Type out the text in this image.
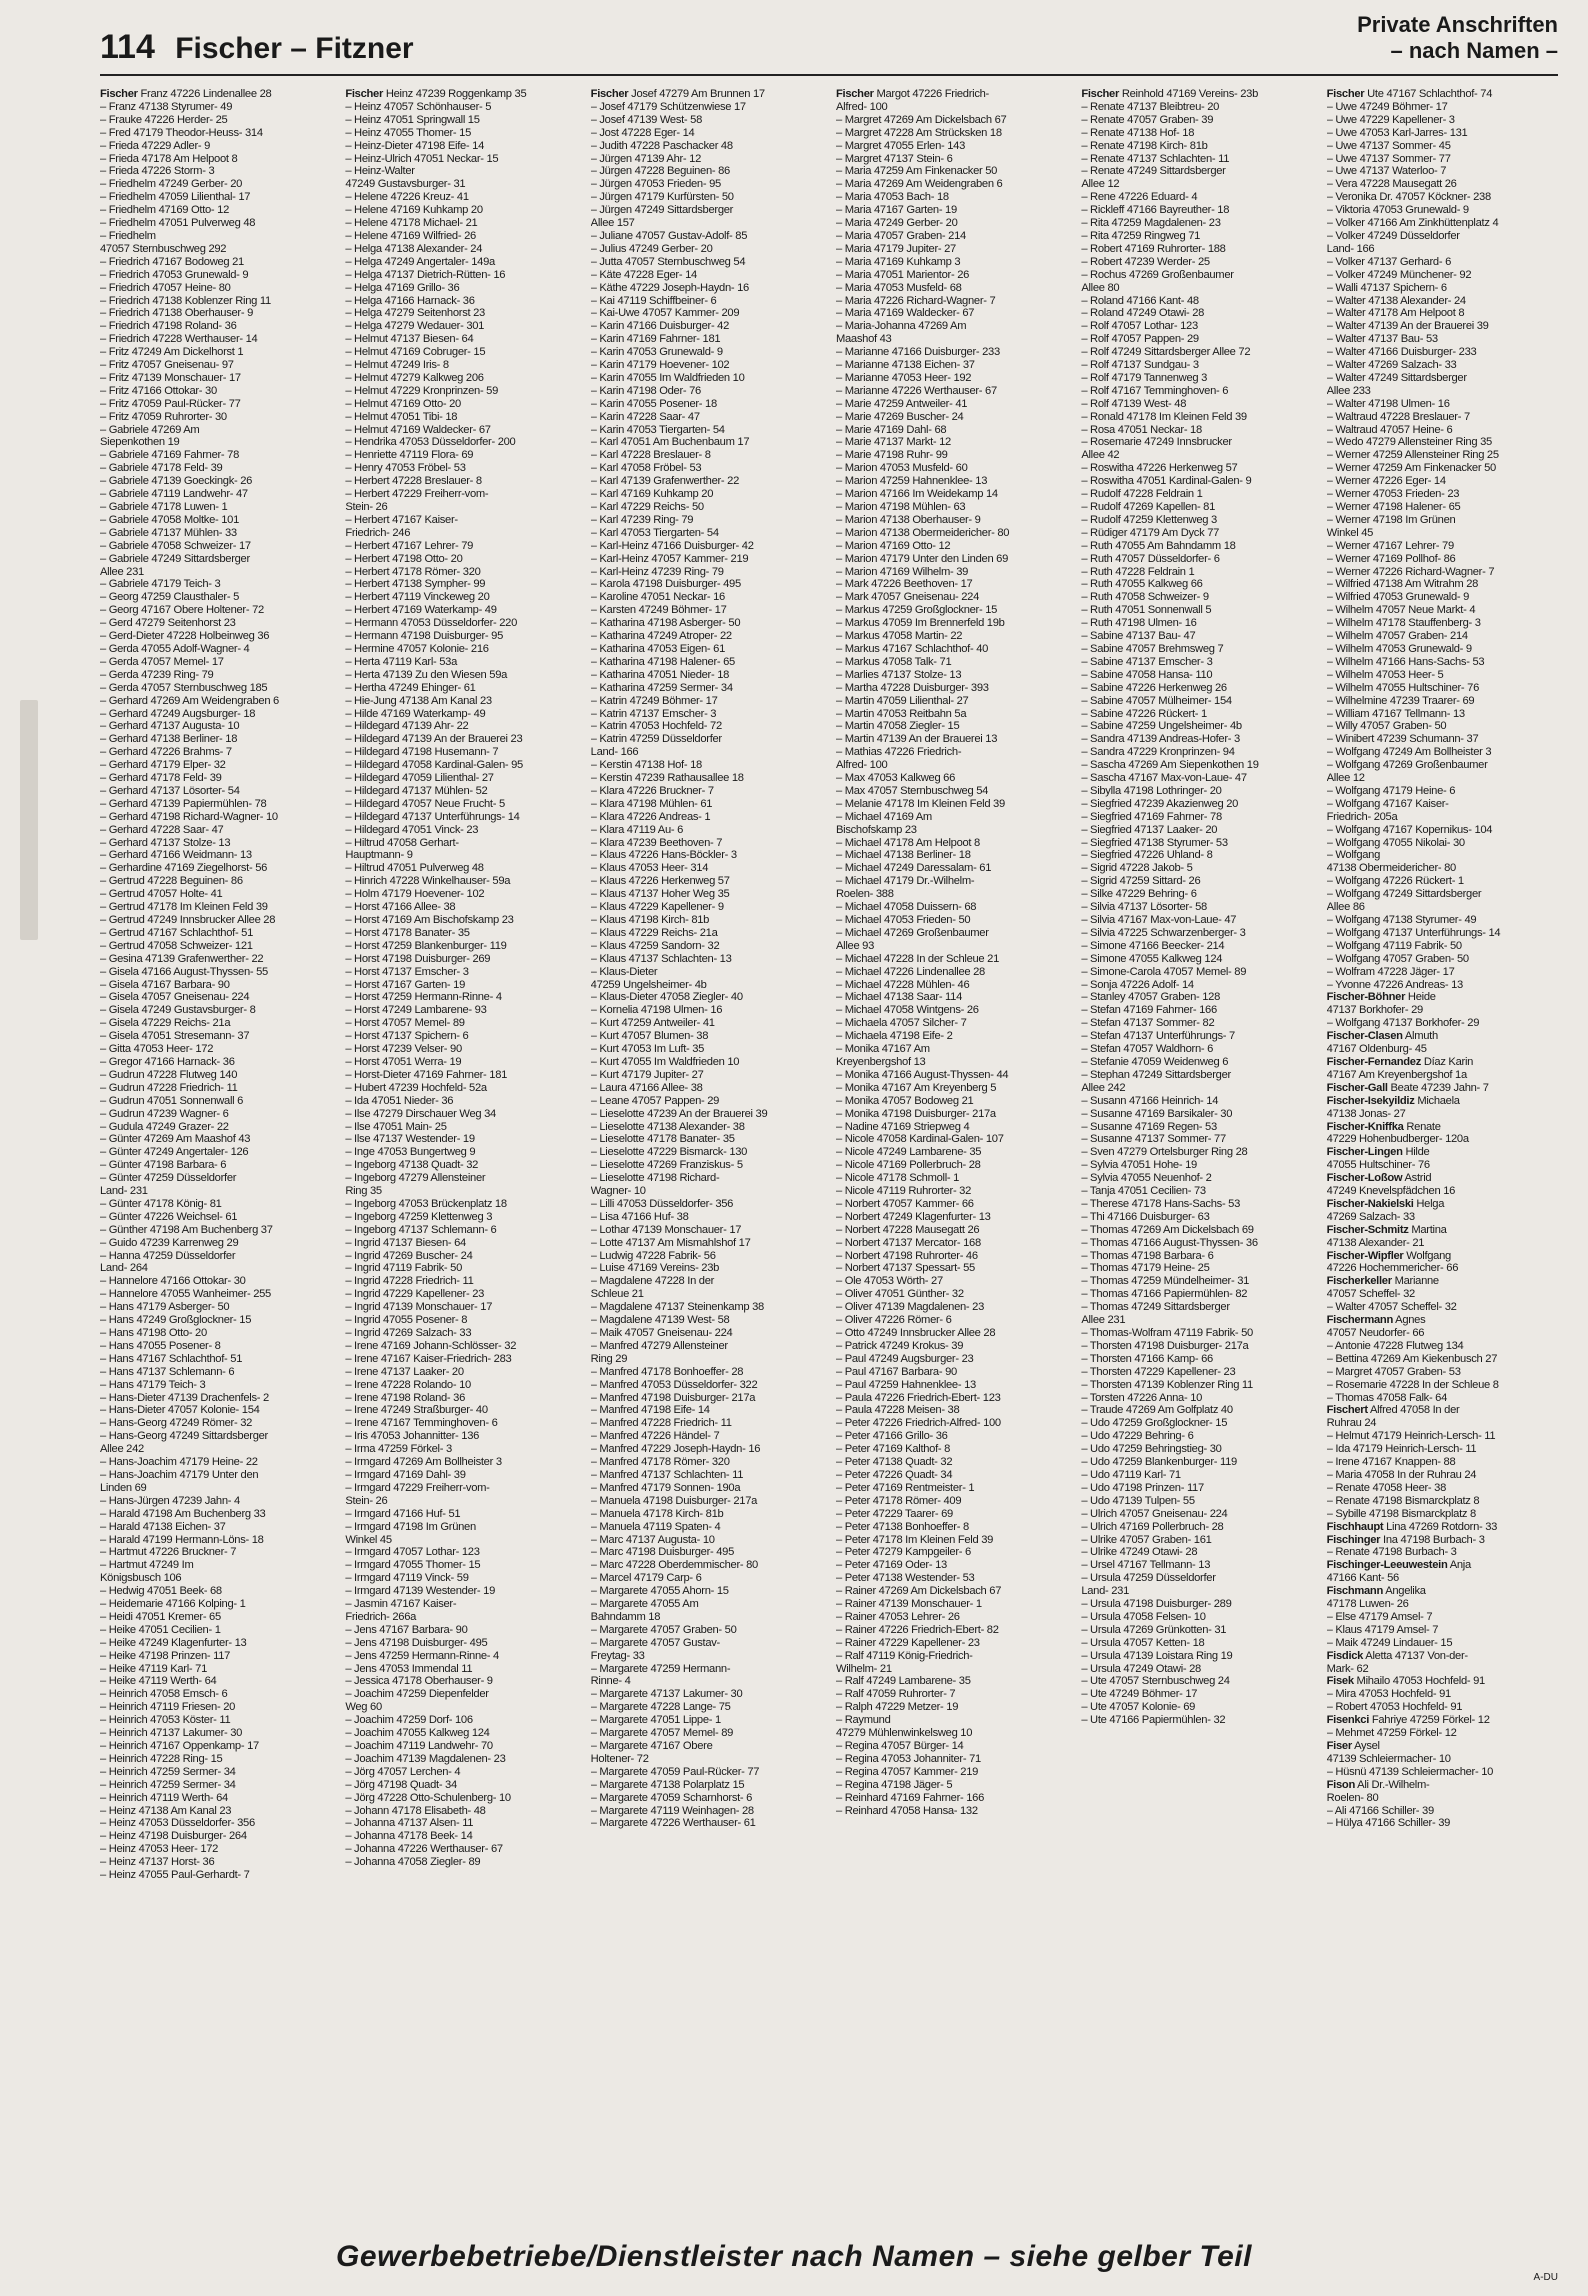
114 Fischer – Fitzner
Private Anschriften
– nach Namen –
Fischer Franz 47226 Lindenallee 28
– Franz 47138 Styrumer- 49
– Frauke 47226 Herder- 25
– Fred 47179 Theodor-Heuss- 314
– Frieda 47229 Adler- 9
– Frieda 47178 Am Helpoot 8
– Frieda 47226 Storm- 3
– Friedhelm 47249 Gerber- 20
– Friedhelm 47059 Lilienthal- 17
– Friedhelm 47169 Otto- 12
– Friedhelm 47051 Pulverweg 48
– Friedhelm
47057 Sternbuschweg 292
– Friedrich 47167 Bodoweg 21
– Friedrich 47053 Grunewald- 9
– Friedrich 47057 Heine- 80
– Friedrich 47138 Koblenzer Ring 11
– Friedrich 47138 Oberhauser- 9
– Friedrich 47198 Roland- 36
– Friedrich 47228 Werthauser- 14
– Fritz 47249 Am Dickelhorst 1
– Fritz 47057 Gneisenau- 97
– Fritz 47139 Monschauer- 17
– Fritz 47166 Ottokar- 30
– Fritz 47059 Paul-Rücker- 77
– Fritz 47059 Ruhrorter- 30
– Gabriele 47269 Am
Siepenkothen 19
– Gabriele 47169 Fahrner- 78
– Gabriele 47178 Feld- 39
– Gabriele 47139 Goeckingk- 26
– Gabriele 47119 Landwehr- 47
– Gabriele 47178 Luwen- 1
– Gabriele 47058 Moltke- 101
– Gabriele 47137 Mühlen- 33
– Gabriele 47058 Schweizer- 17
– Gabriele 47249 Sittardsberger
Allee 231
– Gabriele 47179 Teich- 3
– Georg 47259 Clausthaler- 5
– Georg 47167 Obere Holtener- 72
– Gerd 47279 Seitenhorst 23
– Gerd-Dieter 47228 Holbeinweg 36
– Gerda 47055 Adolf-Wagner- 4
– Gerda 47057 Memel- 17
– Gerda 47239 Ring- 79
– Gerda 47057 Sternbuschweg 185
– Gerhard 47269 Am Weidengraben 6
– Gerhard 47249 Augsburger- 18
– Gerhard 47137 Augusta- 10
– Gerhard 47138 Berliner- 18
– Gerhard 47226 Brahms- 7
– Gerhard 47179 Elper- 32
– Gerhard 47178 Feld- 39
– Gerhard 47137 Lösorter- 54
– Gerhard 47139 Papiermühlen- 78
– Gerhard 47198 Richard-Wagner- 10
– Gerhard 47228 Saar- 47
– Gerhard 47137 Stolze- 13
– Gerhard 47166 Weidmann- 13
– Gerhardine 47169 Ziegelhorst- 56
– Gertrud 47228 Beguinen- 86
– Gertrud 47057 Holte- 41
– Gertrud 47178 Im Kleinen Feld 39
– Gertrud 47249 Innsbrucker Allee 28
– Gertrud 47167 Schlachthof- 51
– Gertrud 47058 Schweizer- 121
– Gesina 47139 Grafenwerther- 22
– Gisela 47166 August-Thyssen- 55
– Gisela 47167 Barbara- 90
– Gisela 47057 Gneisenau- 224
– Gisela 47249 Gustavsburger- 8
– Gisela 47229 Reichs- 21a
– Gisela 47051 Stresemann- 37
– Gitta 47053 Heer- 172
– Gregor 47166 Harnack- 36
– Gudrun 47228 Flutweg 140
– Gudrun 47228 Friedrich- 11
– Gudrun 47051 Sonnenwall 6
– Gudrun 47239 Wagner- 6
– Gudula 47249 Grazer- 22
– Günter 47269 Am Maashof 43
– Günter 47249 Angertaler- 126
– Günter 47198 Barbara- 6
– Günter 47259 Düsseldorfer
Land- 231
– Günter 47178 König- 81
– Günter 47226 Weichsel- 61
– Günther 47198 Am Buchenberg 37
– Guido 47239 Karrenweg 29
– Hanna 47259 Düsseldorfer
Land- 264
– Hannelore 47166 Ottokar- 30
– Hannelore 47055 Wanheimer- 255
– Hans 47179 Asberger- 50
– Hans 47249 Großglockner- 15
– Hans 47198 Otto- 20
– Hans 47055 Posener- 8
– Hans 47167 Schlachthof- 51
– Hans 47137 Schlemann- 6
– Hans 47179 Teich- 3
– Hans-Dieter 47139 Drachenfels- 2
– Hans-Dieter 47057 Kolonie- 154
– Hans-Georg 47249 Römer- 32
– Hans-Georg 47249 Sittardsberger
Allee 242
– Hans-Joachim 47179 Heine- 22
– Hans-Joachim 47179 Unter den
Linden 69
– Hans-Jürgen 47239 Jahn- 4
– Harald 47198 Am Buchenberg 33
– Harald 47138 Eichen- 37
– Harald 47199 Hermann-Löns- 18
– Hartmut 47226 Bruckner- 7
– Hartmut 47249 Im
Königsbusch 106
– Hedwig 47051 Beek- 68
– Heidemarie 47166 Kolping- 1
– Heidi 47051 Kremer- 65
– Heike 47051 Cecilien- 1
– Heike 47249 Klagenfurter- 13
– Heike 47198 Prinzen- 117
– Heike 47119 Karl- 71
– Heike 47119 Werth- 64
– Heinrich 47058 Emsch- 6
– Heinrich 47119 Friesen- 20
– Heinrich 47053 Köster- 11
– Heinrich 47137 Lakumer- 30
– Heinrich 47167 Oppenkamp- 17
– Heinrich 47228 Ring- 15
– Heinrich 47259 Sermer- 34
– Heinrich 47259 Sermer- 34
– Heinrich 47119 Werth- 64
– Heinz 47138 Am Kanal 23
– Heinz 47053 Düsseldorfer- 356
– Heinz 47198 Duisburger- 264
– Heinz 47053 Heer- 172
– Heinz 47137 Horst- 36
– Heinz 47055 Paul-Gerhardt- 7
Fischer Heinz 47239 Roggenkamp 35
– Heinz 47057 Schönhauser- 5
– Heinz 47051 Springwall 15
– Heinz 47055 Thomer- 15
– Heinz-Dieter 47198 Eife- 14
– Heinz-Ulrich 47051 Neckar- 15
– Heinz-Walter
47249 Gustavsburger- 31
– Helene 47226 Kreuz- 41
– Helene 47169 Kuhkamp 20
– Helene 47178 Michael- 21
– Helene 47169 Wilfried- 26
– Helga 47138 Alexander- 24
– Helga 47249 Angertaler- 149a
– Helga 47137 Dietrich-Rütten- 16
– Helga 47169 Grillo- 36
– Helga 47166 Harnack- 36
– Helga 47279 Seitenhorst 23
– Helga 47279 Wedauer- 301
– Helmut 47137 Biesen- 64
– Helmut 47169 Cobruger- 15
– Helmut 47249 Iris- 8
– Helmut 47279 Kalkweg 206
– Helmut 47229 Kronprinzen- 59
– Helmut 47169 Otto- 20
– Helmut 47051 Tibi- 18
– Helmut 47169 Waldecker- 67
– Hendrika 47053 Düsseldorfer- 200
– Henriette 47119 Flora- 69
– Henry 47053 Fröbel- 53
– Herbert 47228 Breslauer- 8
– Herbert 47229 Freiherr-vom-
Stein- 26
– Herbert 47167 Kaiser-
Friedrich- 246
– Herbert 47167 Lehrer- 79
– Herbert 47198 Otto- 20
– Herbert 47178 Römer- 320
– Herbert 47138 Sympher- 99
– Herbert 47119 Vinckeweg 20
– Herbert 47169 Waterkamp- 49
– Hermann 47053 Düsseldorfer- 220
– Hermann 47198 Duisburger- 95
– Hermine 47057 Kolonie- 216
– Herta 47119 Karl- 53a
– Herta 47139 Zu den Wiesen 59a
– Hertha 47249 Ehinger- 61
– Hie-Jung 47138 Am Kanal 23
– Hilde 47169 Waterkamp- 49
– Hildegard 47139 Ahr- 22
– Hildegard 47139 An der Brauerei 23
– Hildegard 47198 Husemann- 7
– Hildegard 47058 Kardinal-Galen- 95
– Hildegard 47059 Lilienthal- 27
– Hildegard 47137 Mühlen- 52
– Hildegard 47057 Neue Frucht- 5
– Hildegard 47137 Unterführungs- 14
– Hildegard 47051 Vinck- 23
– Hiltrud 47058 Gerhart-
Hauptmann- 9
– Hiltrud 47051 Pulverweg 48
– Hinrich 47228 Winkelhauser- 59a
– Holm 47179 Hoevener- 102
– Horst 47166 Allee- 38
– Horst 47169 Am Bischofskamp 23
– Horst 47178 Banater- 35
– Horst 47259 Blankenburger- 119
– Horst 47198 Duisburger- 269
– Horst 47137 Emscher- 3
– Horst 47167 Garten- 19
– Horst 47259 Hermann-Rinne- 4
– Horst 47249 Lambarene- 93
– Horst 47057 Memel- 89
– Horst 47137 Spichern- 6
– Horst 47239 Velser- 90
– Horst 47051 Werra- 19
– Horst-Dieter 47169 Fahrner- 181
– Hubert 47239 Hochfeld- 52a
– Ida 47051 Nieder- 36
– Ilse 47279 Dirschauer Weg 34
– Ilse 47051 Main- 25
– Ilse 47137 Westender- 19
– Inge 47053 Bungertweg 9
– Ingeborg 47138 Quadt- 32
– Ingeborg 47279 Allensteiner
Ring 35
– Ingeborg 47053 Brückenplatz 18
– Ingeborg 47259 Klettenweg 3
– Ingeborg 47137 Schlemann- 6
– Ingrid 47137 Biesen- 64
– Ingrid 47269 Buscher- 24
– Ingrid 47119 Fabrik- 50
– Ingrid 47228 Friedrich- 11
– Ingrid 47229 Kapellener- 23
– Ingrid 47139 Monschauer- 17
– Ingrid 47055 Posener- 8
– Ingrid 47269 Salzach- 33
– Irene 47169 Johann-Schlösser- 32
– Irene 47167 Kaiser-Friedrich- 283
– Irene 47137 Laaker- 20
– Irene 47228 Rolando- 10
– Irene 47198 Roland- 36
– Irene 47249 Straßburger- 40
– Irene 47167 Temminghoven- 6
– Iris 47053 Johannitter- 136
– Irma 47259 Förkel- 3
– Irmgard 47269 Am Bollheister 3
– Irmgard 47169 Dahl- 39
– Irmgard 47229 Freiherr-vom-
Stein- 26
– Irmgard 47166 Huf- 51
– Irmgard 47198 Im Grünen
Winkel 45
– Irmgard 47057 Lothar- 123
– Irmgard 47055 Thomer- 15
– Irmgard 47119 Vinck- 59
– Irmgard 47139 Westender- 19
– Jasmin 47167 Kaiser-
Friedrich- 266a
– Jens 47167 Barbara- 90
– Jens 47198 Duisburger- 495
– Jens 47259 Hermann-Rinne- 4
– Jens 47053 Immendal 11
– Jessica 47178 Oberhauser- 9
– Joachim 47259 Diepenfelder
Weg 60
– Joachim 47259 Dorf- 106
– Joachim 47055 Kalkweg 124
– Joachim 47119 Landwehr- 70
– Joachim 47139 Magdalenen- 23
– Jörg 47057 Lerchen- 4
– Jörg 47198 Quadt- 34
– Jörg 47228 Otto-Schulenberg- 10
– Johann 47178 Elisabeth- 48
– Johanna 47137 Alsen- 11
– Johanna 47178 Beek- 14
– Johanna 47226 Werthauser- 67
– Johanna 47058 Ziegler- 89
Fischer Josef 47279 Am Brunnen 17
– Josef 47179 Schützenwiese 17
– Josef 47139 West- 58
– Jost 47228 Eger- 14
– Judith 47228 Paschacker 48
– Jürgen 47139 Ahr- 12
– Jürgen 47228 Beguinen- 86
– Jürgen 47053 Frieden- 95
– Jürgen 47179 Kurfürsten- 50
– Jürgen 47249 Sittardsberger
Allee 157
– Juliane 47057 Gustav-Adolf- 85
– Julius 47249 Gerber- 20
– Jutta 47057 Sternbuschweg 54
– Käte 47228 Eger- 14
– Käthe 47229 Joseph-Haydn- 16
– Kai 47119 Schiffbeiner- 6
– Kai-Uwe 47057 Kammer- 209
– Karin 47166 Duisburger- 42
– Karin 47169 Fahrner- 181
– Karin 47053 Grunewald- 9
– Karin 47179 Hoevener- 102
– Karin 47055 Im Waldfrieden 10
– Karin 47198 Oder- 76
– Karin 47055 Posener- 18
– Karin 47228 Saar- 47
– Karin 47053 Tiergarten- 54
– Karl 47051 Am Buchenbaum 17
– Karl 47228 Breslauer- 8
– Karl 47058 Fröbel- 53
– Karl 47139 Grafenwerther- 22
– Karl 47169 Kuhkamp 20
– Karl 47229 Reichs- 50
– Karl 47239 Ring- 79
– Karl 47053 Tiergarten- 54
– Karl-Heinz 47166 Duisburger- 42
– Karl-Heinz 47057 Kammer- 219
– Karl-Heinz 47239 Ring- 79
– Karola 47198 Duisburger- 495
– Karoline 47051 Neckar- 16
– Karsten 47249 Böhmer- 17
– Katharina 47198 Asberger- 50
– Katharina 47249 Atroper- 22
– Katharina 47053 Eigen- 61
– Katharina 47198 Halener- 65
– Katharina 47051 Nieder- 18
– Katharina 47259 Sermer- 34
– Katrin 47249 Böhmer- 17
– Katrin 47137 Emscher- 3
– Katrin 47053 Hochfeld- 72
– Katrin 47259 Düsseldorfer
Land- 166
– Kerstin 47138 Hof- 18
– Kerstin 47239 Rathausallee 18
– Klara 47226 Bruckner- 7
– Klara 47198 Mühlen- 61
– Klara 47226 Andreas- 1
– Klara 47119 Au- 6
– Klara 47239 Beethoven- 7
– Klaus 47226 Hans-Böckler- 3
– Klaus 47053 Heer- 314
– Klaus 47226 Herkenweg 57
– Klaus 47137 Hoher Weg 35
– Klaus 47229 Kapellener- 9
– Klaus 47198 Kirch- 81b
– Klaus 47229 Reichs- 21a
– Klaus 47259 Sandorn- 32
– Klaus 47137 Schlachten- 13
– Klaus-Dieter
47259 Ungelsheimer- 4b
– Klaus-Dieter 47058 Ziegler- 40
– Kornelia 47198 Ulmen- 16
– Kurt 47259 Antweiler- 41
– Kurt 47057 Blumen- 38
– Kurt 47053 Im Luft- 35
– Kurt 47055 Im Waldfrieden 10
– Kurt 47179 Jupiter- 27
– Laura 47166 Allee- 38
– Leane 47057 Pappen- 29
– Lieselotte 47239 An der Brauerei 39
– Lieselotte 47138 Alexander- 38
– Lieselotte 47178 Banater- 35
– Lieselotte 47229 Bismarck- 130
– Lieselotte 47269 Franziskus- 5
– Lieselotte 47198 Richard-
Wagner- 10
– Lilli 47053 Düsseldorfer- 356
– Lisa 47166 Huf- 38
– Lothar 47139 Monschauer- 17
– Lotte 47137 Am Mismahlshof 17
– Ludwig 47228 Fabrik- 56
– Luise 47169 Vereins- 23b
– Magdalene 47228 In der
Schleue 21
– Magdalene 47137 Steinenkamp 38
– Magdalene 47139 West- 58
– Maik 47057 Gneisenau- 224
– Manfred 47279 Allensteiner
Ring 29
– Manfred 47178 Bonhoeffer- 28
– Manfred 47053 Düsseldorfer- 322
– Manfred 47198 Duisburger- 217a
– Manfred 47198 Eife- 14
– Manfred 47228 Friedrich- 11
– Manfred 47226 Händel- 7
– Manfred 47229 Joseph-Haydn- 16
– Manfred 47178 Römer- 320
– Manfred 47137 Schlachten- 11
– Manfred 47179 Sonnen- 190a
– Manuela 47198 Duisburger- 217a
– Manuela 47178 Kirch- 81b
– Manuela 47119 Spaten- 4
– Marc 47137 Augusta- 10
– Marc 47198 Duisburger- 495
– Marc 47228 Oberdemmischer- 80
– Marcel 47179 Carp- 6
– Margarete 47055 Ahorn- 15
– Margarete 47055 Am
Bahndamm 18
– Margarete 47057 Graben- 50
– Margarete 47057 Gustav-
Freytag- 33
– Margarete 47259 Hermann-
Rinne- 4
– Margarete 47137 Lakumer- 30
– Margarete 47228 Lange- 75
– Margarete 47051 Lippe- 1
– Margarete 47057 Memel- 89
– Margarete 47167 Obere
Holtener- 72
– Margarete 47059 Paul-Rücker- 77
– Margarete 47138 Polarplatz 15
– Margarete 47059 Scharnhorst- 6
– Margarete 47119 Weinhagen- 28
– Margarete 47226 Werthauser- 61
Fischer Margot 47226 Friedrich-
Alfred- 100
– Margret 47269 Am Dickelsbach 67
– Margret 47228 Am Strücksken 18
– Margret 47055 Erlen- 143
– Margret 47137 Stein- 6
– Maria 47259 Am Finkenacker 50
– Maria 47269 Am Weidengraben 6
– Maria 47053 Bach- 18
– Maria 47167 Garten- 19
– Maria 47249 Gerber- 20
– Maria 47057 Graben- 214
– Maria 47179 Jupiter- 27
– Maria 47169 Kuhkamp 3
– Maria 47051 Marientor- 26
– Maria 47053 Musfeld- 68
– Maria 47226 Richard-Wagner- 7
– Maria 47169 Waldecker- 67
– Maria-Johanna 47269 Am
Maashof 43
– Marianne 47166 Duisburger- 233
– Marianne 47138 Eichen- 37
– Marianne 47053 Heer- 192
– Marianne 47226 Werthauser- 67
– Marie 47259 Antweiler- 41
– Marie 47269 Buscher- 24
– Marie 47169 Dahl- 68
– Marie 47137 Markt- 12
– Marie 47198 Ruhr- 99
– Marion 47053 Musfeld- 60
– Marion 47259 Hahnenklee- 13
– Marion 47166 Im Weidekamp 14
– Marion 47198 Mühlen- 63
– Marion 47138 Oberhauser- 9
– Marion 47138 Obermeidericher- 80
– Marion 47169 Otto- 12
– Marion 47179 Unter den Linden 69
– Marion 47169 Wilhelm- 39
– Mark 47226 Beethoven- 17
– Mark 47057 Gneisenau- 224
– Markus 47259 Großglockner- 15
– Markus 47059 Im Brennerfeld 19b
– Markus 47058 Martin- 22
– Markus 47167 Schlachthof- 40
– Markus 47058 Talk- 71
– Marlies 47137 Stolze- 13
– Martha 47228 Duisburger- 393
– Martin 47059 Lilienthal- 27
– Martin 47053 Reitbahn 5a
– Martin 47058 Ziegler- 15
– Martin 47139 An der Brauerei 13
– Mathias 47226 Friedrich-
Alfred- 100
– Max 47053 Kalkweg 66
– Max 47057 Sternbuschweg 54
– Melanie 47178 Im Kleinen Feld 39
– Michael 47169 Am
Bischofskamp 23
– Michael 47178 Am Helpoot 8
– Michael 47138 Berliner- 18
– Michael 47249 Daressalam- 61
– Michael 47179 Dr.-Wilhelm-
Roelen- 388
– Michael 47058 Duissern- 68
– Michael 47053 Frieden- 50
– Michael 47269 Großenbaumer
Allee 93
– Michael 47228 In der Schleue 21
– Michael 47226 Lindenallee 28
– Michael 47228 Mühlen- 46
– Michael 47138 Saar- 114
– Michael 47058 Wintgens- 26
– Michaela 47057 Silcher- 7
– Michaela 47198 Eife- 2
– Monika 47167 Am
Kreyenbergshof 13
– Monika 47166 August-Thyssen- 44
– Monika 47167 Am Kreyenberg 5
– Monika 47057 Bodoweg 21
– Monika 47198 Duisburger- 217a
– Nadine 47169 Striepweg 4
– Nicole 47058 Kardinal-Galen- 107
– Nicole 47249 Lambarene- 35
– Nicole 47169 Pollerbruch- 28
– Nicole 47178 Schmoll- 1
– Nicole 47119 Ruhrorter- 32
– Norbert 47057 Kammer- 66
– Norbert 47249 Klagenfurter- 13
– Norbert 47228 Mausegatt 26
– Norbert 47137 Mercator- 168
– Norbert 47198 Ruhrorter- 46
– Norbert 47137 Spessart- 55
– Ole 47053 Wörth- 27
– Oliver 47051 Günther- 32
– Oliver 47139 Magdalenen- 23
– Oliver 47226 Römer- 6
– Otto 47249 Innsbrucker Allee 28
– Patrick 47249 Krokus- 39
– Paul 47249 Augsburger- 23
– Paul 47167 Barbara- 90
– Paul 47259 Hahnenklee- 13
– Paula 47226 Friedrich-Ebert- 123
– Paula 47228 Meisen- 38
– Peter 47226 Friedrich-Alfred- 100
– Peter 47166 Grillo- 36
– Peter 47169 Kalthof- 8
– Peter 47138 Quadt- 32
– Peter 47226 Quadt- 34
– Peter 47169 Rentmeister- 1
– Peter 47178 Römer- 409
– Peter 47229 Taarer- 69
– Peter 47138 Bonhoeffer- 8
– Peter 47178 Im Kleinen Feld 39
– Peter 47279 Kampgeiler- 6
– Peter 47169 Oder- 13
– Peter 47138 Westender- 53
– Rainer 47269 Am Dickelsbach 67
– Rainer 47139 Monschauer- 1
– Rainer 47053 Lehrer- 26
– Rainer 47226 Friedrich-Ebert- 82
– Rainer 47229 Kapellener- 23
– Ralf 47119 König-Friedrich-
Wilhelm- 21
– Ralf 47249 Lambarene- 35
– Ralf 47059 Ruhrorter- 7
– Ralph 47229 Metzer- 19
– Raymund
47279 Mühlenwinkelsweg 10
– Regina 47057 Bürger- 14
– Regina 47053 Johanniter- 71
– Regina 47057 Kammer- 219
– Regina 47198 Jäger- 5
– Reinhard 47169 Fahrner- 166
– Reinhard 47058 Hansa- 132
Fischer Reinhold 47169 Vereins- 23b
– Renate 47137 Bleibtreu- 20
– Renate 47057 Graben- 39
– Renate 47138 Hof- 18
– Renate 47198 Kirch- 81b
– Renate 47137 Schlachten- 11
– Renate 47249 Sittardsberger
Allee 12
– Rene 47226 Eduard- 4
– Rickleff 47166 Bayreuther- 18
– Rita 47259 Magdalenen- 23
– Rita 47259 Ringweg 71
– Robert 47169 Ruhrorter- 188
– Robert 47239 Werder- 25
– Rochus 47269 Großenbaumer
Allee 80
– Roland 47166 Kant- 48
– Roland 47249 Otawi- 28
– Rolf 47057 Lothar- 123
– Rolf 47057 Pappen- 29
– Rolf 47249 Sittardsberger Allee 72
– Rolf 47137 Sundgau- 3
– Rolf 47179 Tannenweg 3
– Rolf 47167 Temminghoven- 6
– Rolf 47139 West- 48
– Ronald 47178 Im Kleinen Feld 39
– Rosa 47051 Neckar- 18
– Rosemarie 47249 Innsbrucker
Allee 42
– Roswitha 47226 Herkenweg 57
– Roswitha 47051 Kardinal-Galen- 9
– Rudolf 47228 Feldrain 1
– Rudolf 47269 Kapellen- 81
– Rudolf 47259 Klettenweg 3
– Rüdiger 47179 Am Dyck 77
– Ruth 47055 Am Bahndamm 18
– Ruth 47057 Düsseldorfer- 6
– Ruth 47228 Feldrain 1
– Ruth 47055 Kalkweg 66
– Ruth 47058 Schweizer- 9
– Ruth 47051 Sonnenwall 5
– Ruth 47198 Ulmen- 16
– Sabine 47137 Bau- 47
– Sabine 47057 Brehmsweg 7
– Sabine 47137 Emscher- 3
– Sabine 47058 Hansa- 110
– Sabine 47226 Herkenweg 26
– Sabine 47057 Mülheimer- 154
– Sabine 47226 Rückert- 1
– Sabine 47259 Ungelsheimer- 4b
– Sandra 47139 Andreas-Hofer- 3
– Sandra 47229 Kronprinzen- 94
– Sascha 47269 Am Siepenkothen 19
– Sascha 47167 Max-von-Laue- 47
– Sibylla 47198 Lothringer- 20
– Siegfried 47239 Akazienweg 20
– Siegfried 47169 Fahrner- 78
– Siegfried 47137 Laaker- 20
– Siegfried 47138 Styrumer- 53
– Siegfried 47226 Uhland- 8
– Sigrid 47228 Jakob- 5
– Sigrid 47259 Sittard- 26
– Silke 47229 Behring- 6
– Silvia 47137 Lösorter- 58
– Silvia 47167 Max-von-Laue- 47
– Silvia 47225 Schwarzenberger- 3
– Simone 47166 Beecker- 214
– Simone 47055 Kalkweg 124
– Simone-Carola 47057 Memel- 89
– Sonja 47226 Adolf- 14
– Stanley 47057 Graben- 128
– Stefan 47169 Fahrner- 166
– Stefan 47137 Sommer- 82
– Stefan 47137 Unterführungs- 7
– Stefan 47057 Waldhorn- 6
– Stefanie 47059 Weidenweg 6
– Stephan 47249 Sittardsberger
Allee 242
– Susann 47166 Heinrich- 14
– Susanne 47169 Barsikaler- 30
– Susanne 47169 Regen- 53
– Susanne 47137 Sommer- 77
– Sven 47279 Ortelsburger Ring 28
– Sylvia 47051 Hohe- 19
– Sylvia 47055 Neuenhof- 2
– Tanja 47051 Cecilien- 73
– Therese 47178 Hans-Sachs- 53
– Thi 47166 Duisburger- 63
– Thomas 47269 Am Dickelsbach 69
– Thomas 47166 August-Thyssen- 36
– Thomas 47198 Barbara- 6
– Thomas 47179 Heine- 25
– Thomas 47259 Mündelheimer- 31
– Thomas 47166 Papiermühlen- 82
– Thomas 47249 Sittardsberger
Allee 231
– Thomas-Wolfram 47119 Fabrik- 50
– Thorsten 47198 Duisburger- 217a
– Thorsten 47166 Kamp- 66
– Thorsten 47229 Kapellener- 23
– Thorsten 47139 Koblenzer Ring 11
– Torsten 47226 Anna- 10
– Traude 47269 Am Golfplatz 40
– Udo 47259 Großglockner- 15
– Udo 47229 Behring- 6
– Udo 47259 Behringstieg- 30
– Udo 47259 Blankenburger- 119
– Udo 47119 Karl- 71
– Udo 47198 Prinzen- 117
– Udo 47139 Tulpen- 55
– Ulrich 47057 Gneisenau- 224
– Ulrich 47169 Pollerbruch- 28
– Ulrike 47057 Graben- 161
– Ulrike 47249 Otawi- 28
– Ursel 47167 Tellmann- 13
– Ursula 47259 Düsseldorfer
Land- 231
– Ursula 47198 Duisburger- 289
– Ursula 47058 Felsen- 10
– Ursula 47269 Grünkotten- 31
– Ursula 47057 Ketten- 18
– Ursula 47139 Loistara Ring 19
– Ursula 47249 Otawi- 28
– Ute 47057 Sternbuschweg 24
– Ute 47249 Böhmer- 17
– Ute 47057 Kolonie- 69
– Ute 47166 Papiermühlen- 32
Fischer Ute 47167 Schlachthof- 74
– Uwe 47249 Böhmer- 17
– Uwe 47229 Kapellener- 3
– Uwe 47053 Karl-Jarres- 131
– Uwe 47137 Sommer- 45
– Uwe 47137 Sommer- 77
– Uwe 47137 Waterloo- 7
– Vera 47228 Mausegatt 26
– Veronika Dr. 47057 Köckner- 238
– Viktoria 47053 Grunewald- 9
– Volker 47166 Am Zinkhüttenplatz 4
– Volker 47249 Düsseldorfer
Land- 166
– Volker 47137 Gerhard- 6
– Volker 47249 Münchener- 92
– Walli 47137 Spichern- 6
– Walter 47138 Alexander- 24
– Walter 47178 Am Helpoot 8
– Walter 47139 An der Brauerei 39
– Walter 47137 Bau- 53
– Walter 47166 Duisburger- 233
– Walter 47269 Salzach- 33
– Walter 47249 Sittardsberger
Allee 233
– Walter 47198 Ulmen- 16
– Waltraud 47228 Breslauer- 7
– Waltraud 47057 Heine- 6
– Wedo 47279 Allensteiner Ring 35
– Werner 47259 Allensteiner Ring 25
– Werner 47259 Am Finkenacker 50
– Werner 47226 Eger- 14
– Werner 47053 Frieden- 23
– Werner 47198 Halener- 65
– Werner 47198 Im Grünen
Winkel 45
– Werner 47167 Lehrer- 79
– Werner 47169 Pollhof- 86
– Werner 47226 Richard-Wagner- 7
– Wilfried 47138 Am Witrahm 28
– Wilfried 47053 Grunewald- 9
– Wilhelm 47057 Neue Markt- 4
– Wilhelm 47178 Stauffenberg- 3
– Wilhelm 47057 Graben- 214
– Wilhelm 47053 Grunewald- 9
– Wilhelm 47166 Hans-Sachs- 53
– Wilhelm 47053 Heer- 5
– Wilhelm 47055 Hultschiner- 76
– Wilhelmine 47239 Traarer- 69
– William 47167 Tellmann- 13
– Willy 47057 Graben- 50
– Winibert 47239 Schumann- 37
– Wolfgang 47249 Am Bollheister 3
– Wolfgang 47269 Großenbaumer
Allee 12
– Wolfgang 47179 Heine- 6
– Wolfgang 47167 Kaiser-
Friedrich- 205a
– Wolfgang 47167 Kopernikus- 104
– Wolfgang 47055 Nikolai- 30
– Wolfgang
47138 Obermeidericher- 80
– Wolfgang 47226 Rückert- 1
– Wolfgang 47249 Sittardsberger
Allee 86
– Wolfgang 47138 Styrumer- 49
– Wolfgang 47137 Unterführungs- 14
– Wolfgang 47119 Fabrik- 50
– Wolfgang 47057 Graben- 50
– Wolfram 47228 Jäger- 17
– Yvonne 47226 Andreas- 13
Fischer-Böhner Heide
47137 Borkhofer- 29
– Wolfgang 47137 Borkhofer- 29
Fischer-Clasen Almuth
47167 Oldenburg- 45
Fischer-Fernandez Díaz Karin
47167 Am Kreyenbergshof 1a
Fischer-Gall Beate 47239 Jahn- 7
Fischer-Isekyildiz Michaela
47138 Jonas- 27
Fischer-Kniffka Renate
47229 Hohenbudberger- 120a
Fischer-Lingen Hilde
47055 Hultschiner- 76
Fischer-Loßow Astrid
47249 Knevelspfädchen 16
Fischer-Nakielski Helga
47269 Salzach- 33
Fischer-Schmitz Martina
47138 Alexander- 21
Fischer-Wipfler Wolfgang
47226 Hochemmericher- 66
Fischerkeller Marianne
47057 Scheffel- 32
– Walter 47057 Scheffel- 32
Fischermann Agnes
47057 Neudorfer- 66
– Antonie 47228 Flutweg 134
– Bettina 47269 Am Kiekenbusch 27
– Margret 47057 Graben- 53
– Rosemarie 47228 In der Schleue 8
– Thomas 47058 Falk- 64
Fischert Alfred 47058 In der
Ruhrau 24
– Helmut 47179 Heinrich-Lersch- 11
– Ida 47179 Heinrich-Lersch- 11
– Irene 47167 Knappen- 88
– Maria 47058 In der Ruhrau 24
– Renate 47058 Heer- 38
– Renate 47198 Bismarckplatz 8
– Sybille 47198 Bismarckplatz 8
Fischhaupt Lina 47269 Rotdorn- 33
Fischinger Ina 47198 Burbach- 3
– Renate 47198 Burbach- 3
Fischinger-Leeuwestein Anja
47166 Kant- 56
Fischmann Angelika
47178 Luwen- 26
– Else 47179 Amsel- 7
– Klaus 47179 Amsel- 7
– Maik 47249 Lindauer- 15
Fisdick Aletta 47137 Von-der-
Mark- 62
Fisek Mihailo 47053 Hochfeld- 91
– Mira 47053 Hochfeld- 91
– Robert 47053 Hochfeld- 91
Fisenkci Fahriye 47259 Förkel- 12
– Mehmet 47259 Förkel- 12
Fiser Aysel
47139 Schleiermacher- 10
– Hüsnü 47139 Schleiermacher- 10
Fison Ali Dr.-Wilhelm-
Roelen- 80
– Ali 47166 Schiller- 39
– Hülya 47166 Schiller- 39
Gewerbebetriebe/Dienstleister nach Namen – siehe gelber Teil
A-DU
